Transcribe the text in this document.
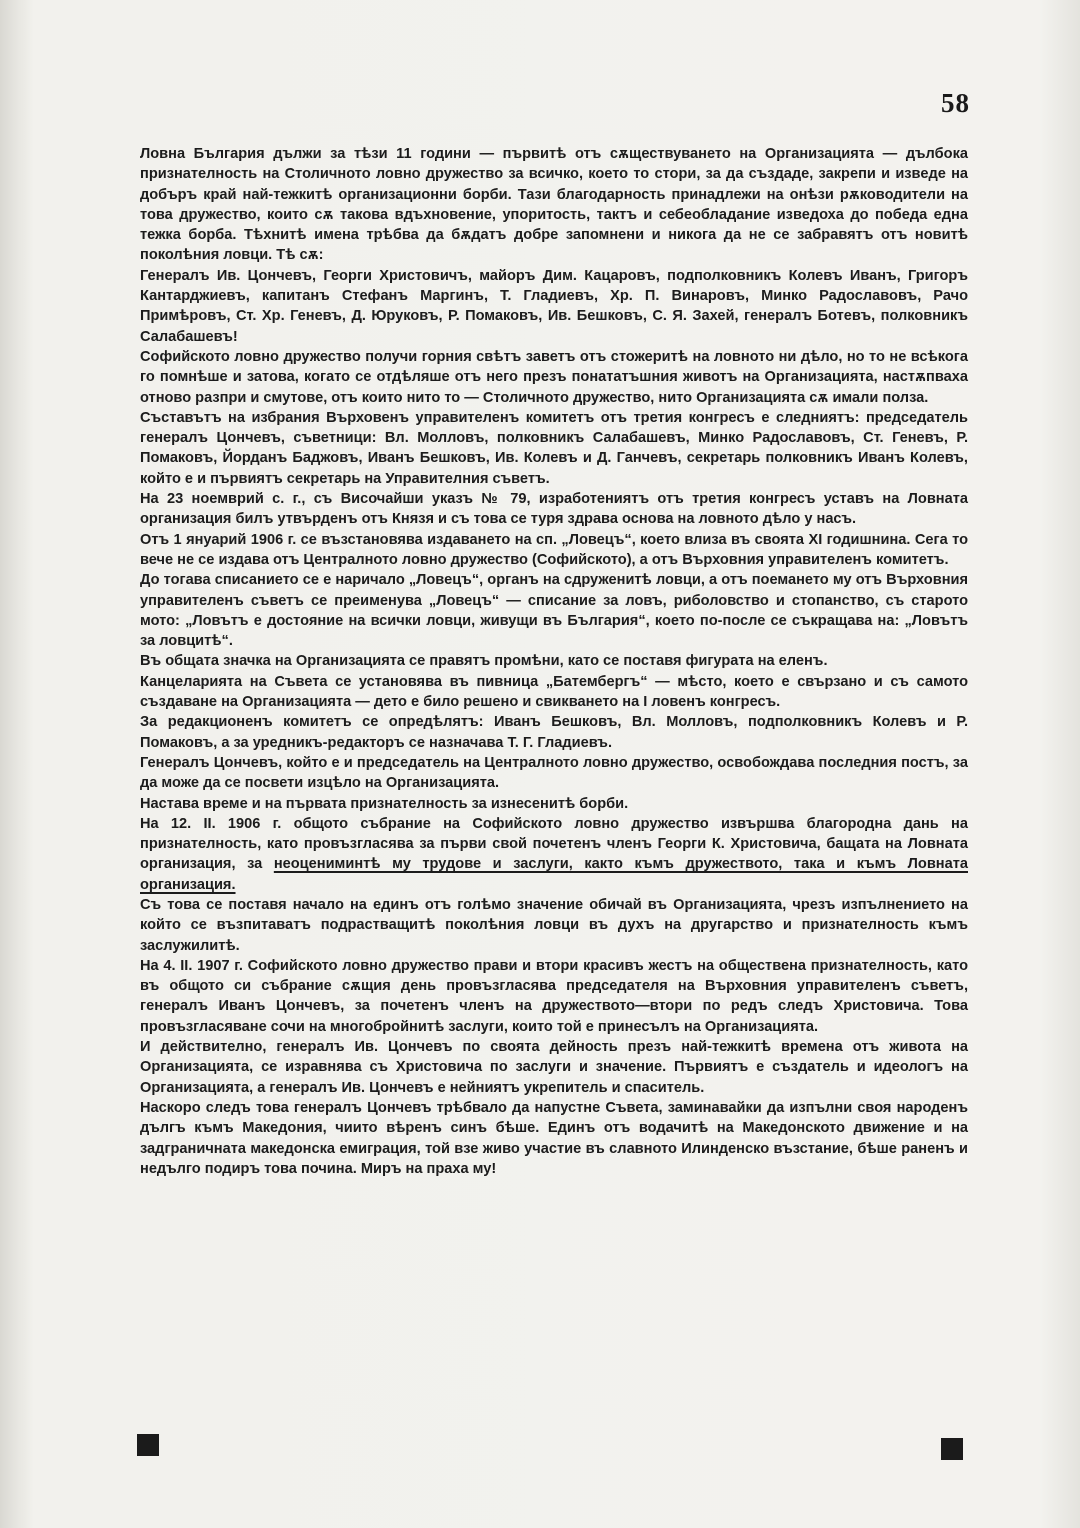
58

Ловна България дължи за тѣзи 11 години — първитѣ отъ сѫществуването на Организацията — дълбока признателность на Столичното ловно дружество за всичко, което то стори, за да създаде, закрепи и изведе на добъръ край най-тежкитѣ организационни борби. Тази благодарность принадлежи на онѣзи рѫководители на това дружество, които сѫ такова вдъхновение, упоритость, тактъ и себеобладание изведоха до победа една тежка борба. Тѣхнитѣ имена трѣбва да бѫдатъ добре запомнени и никога да не се забравятъ отъ новитѣ поколѣния ловци. Тѣ сѫ:

Генералъ Ив. Цончевъ, Георги Христовичъ, майоръ Дим. Кацаровъ, подполковникъ Колевъ Иванъ, Григоръ Кантарджиевъ, капитанъ Стефанъ Маргинъ, Т. Гладиевъ, Хр. П. Винаровъ, Минко Радославовъ, Рачо Примѣровъ, Ст. Хр. Геневъ, Д. Юруковъ, Р. Помаковъ, Ив. Бешковъ, С. Я. Захей, генералъ Ботевъ, полковникъ Салабашевъ!

Софийското ловно дружество получи горния свѣтъ заветъ отъ стожеритѣ на ловното ни дѣло, но то не всѣкога го помнѣше и затова, когато се отдѣляше отъ него презъ понататъшния животъ на Организацията, настѫпваха отново разпри и смутове, отъ които нито то — Столичното дружество, нито Организацията сѫ имали полза.

Съставътъ на избрания Върховенъ управителенъ комитетъ отъ третия конгресъ е следниятъ: председатель генералъ Цончевъ, съветници: Вл. Молловъ, полковникъ Салабашевъ, Минко Радославовъ, Ст. Геневъ, Р. Помаковъ, Йорданъ Баджовъ, Иванъ Бешковъ, Ив. Колевъ и Д. Ганчевъ, секретарь полковникъ Иванъ Колевъ, който е и първиятъ секретарь на Управителния съветъ.

На 23 ноемврий с. г., съ Височайши указъ № 79, изработениятъ отъ третия конгресъ уставъ на Ловната организация билъ утвърденъ отъ Князя и съ това се туря здрава основа на ловното дѣло у насъ.

Отъ 1 януарий 1906 г. се възстановява издаването на сп. „Ловецъ“, което влиза въ своята XI годишнина. Сега то вече не се издава отъ Централното ловно дружество (Софийското), а отъ Върховния управителенъ комитетъ.

До тогава списанието се е наричало „Ловецъ“, органъ на сдруженитѣ ловци, а отъ поемането му отъ Върховния управителенъ съветъ се преименува „Ловецъ“ — списание за ловъ, риболовство и стопанство, съ старото мото: „Ловътъ е достояние на всички ловци, живущи въ България“, което по-после се съкращава на: „Ловътъ за ловцитѣ“.

Въ общата значка на Организацията се правятъ промѣни, като се поставя фигурата на еленъ.

Канцеларията на Съвета се установява въ пивница „Батембергъ“ — мѣсто, което е свързано и съ самото създаване на Организацията — дето е било решено и свикването на I ловенъ конгресъ.

За редакционенъ комитетъ се опредѣлятъ: Иванъ Бешковъ, Вл. Молловъ, подполковникъ Колевъ и Р. Помаковъ, а за уредникъ-редакторъ се назначава Т. Г. Гладиевъ.

Генералъ Цончевъ, който е и председатель на Централното ловно дружество, освобождава последния постъ, за да може да се посвети изцѣло на Организацията.

Настава време и на първата признателность за изнесенитѣ борби.

На 12. II. 1906 г. общото събрание на Софийското ловно дружество извършва благородна дань на признателность, като провъзгласява за първи свой почетенъ членъ Георги К. Христовича, бащата на Ловната организация, за неоцениминтѣ му трудове и заслуги, както къмъ дружеството, така и къмъ Ловната организация.

Съ това се поставя начало на единъ отъ голѣмо значение обичай въ Организацията, чрезъ изпълнението на който се възпитаватъ подрастващитѣ поколѣния ловци въ духъ на другарство и признателность къмъ заслужилитѣ.

На 4. II. 1907 г. Софийското ловно дружество прави и втори красивъ жестъ на обществена признателность, като въ общото си събрание сѫщия день провъзгласява председателя на Върховния управителенъ съветъ, генералъ Иванъ Цончевъ, за почетенъ членъ на дружеството—втори по редъ следъ Христовича. Това провъзгласяване сочи на многобройнитѣ заслуги, които той е принесълъ на Организацията.

И действително, генералъ Ив. Цончевъ по своята дейность презъ най-тежкитѣ времена отъ живота на Организацията, се изравнява съ Христовича по заслуги и значение. Първиятъ е създатель и идеологъ на Организацията, а генералъ Ив. Цончевъ е нейниятъ укрепитель и спаситель.

Наскоро следъ това генералъ Цончевъ трѣбвало да напустне Съвета, заминавайки да изпълни своя народенъ дългъ къмъ Македония, чиито вѣренъ синъ бѣше. Единъ отъ водачитѣ на Македонското движение и на задграничната македонска емиграция, той взе живо участие въ славното Илинденско възстание, бѣше раненъ и недълго подиръ това почина. Миръ на праха му!
